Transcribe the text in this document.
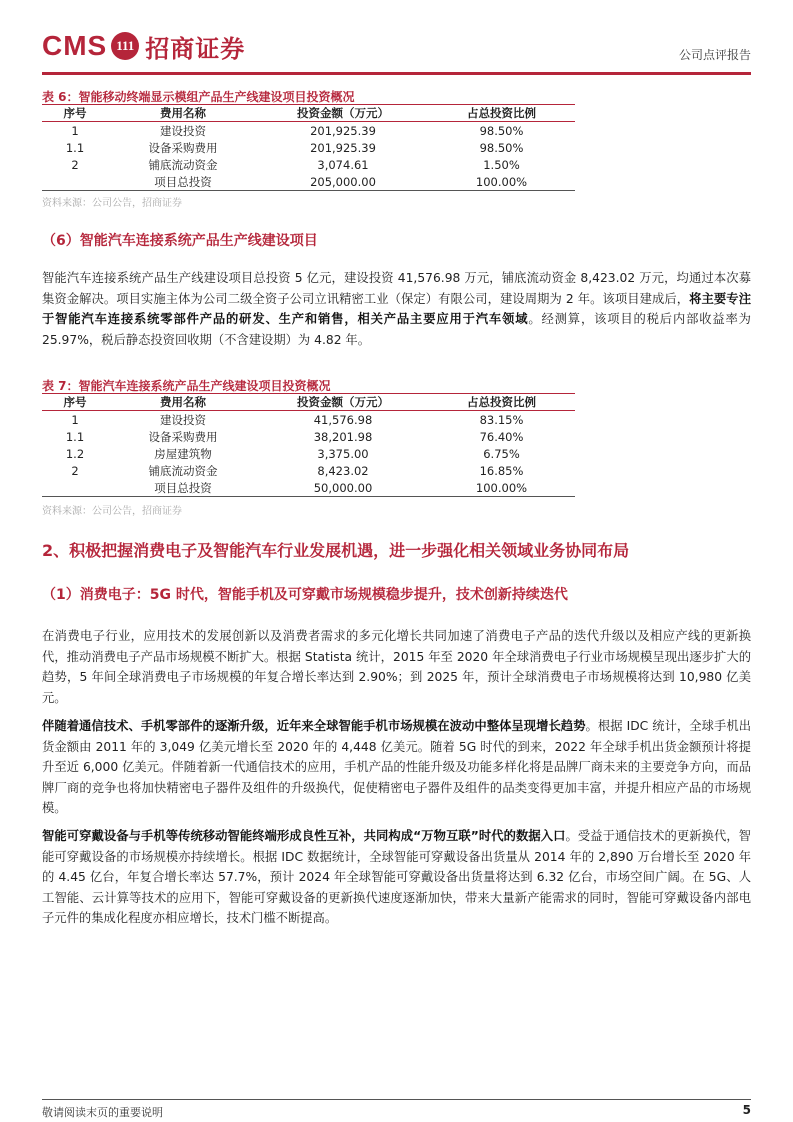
CMS 111 招商证券	公司点评报告
表 6：智能移动终端显示模组产品生产线建设项目投资概况
序号	费用名称	投资金额（万元）	占总投资比例
1	建设投资	201,925.39	98.50%
1.1	设备采购费用	201,925.39	98.50%
2	铺底流动资金	3,074.61	1.50%
	项目总投资	205,000.00	100.00%
资料来源：公司公告，招商证券
（6）智能汽车连接系统产品生产线建设项目
智能汽车连接系统产品生产线建设项目总投资 5 亿元，建设投资 41,576.98 万元，铺底流动资金 8,423.02 万元，均通过本次募集资金解决。项目实施主体为公司二级全资子公司立讯精密工业（保定）有限公司，建设周期为 2 年。该项目建成后，将主要专注于智能汽车连接系统零部件产品的研发、生产和销售，相关产品主要应用于汽车领域。经测算，该项目的税后内部收益率为 25.97%，税后静态投资回收期（不含建设期）为 4.82 年。
表 7：智能汽车连接系统产品生产线建设项目投资概况
序号	费用名称	投资金额（万元）	占总投资比例
1	建设投资	41,576.98	83.15%
1.1	设备采购费用	38,201.98	76.40%
1.2	房屋建筑物	3,375.00	6.75%
2	铺底流动资金	8,423.02	16.85%
	项目总投资	50,000.00	100.00%
资料来源：公司公告，招商证券
2、积极把握消费电子及智能汽车行业发展机遇，进一步强化相关领域业务协同布局
（1）消费电子：5G 时代，智能手机及可穿戴市场规模稳步提升，技术创新持续迭代
在消费电子行业，应用技术的发展创新以及消费者需求的多元化增长共同加速了消费电子产品的迭代升级以及相应产线的更新换代，推动消费电子产品市场规模不断扩大。根据 Statista 统计，2015 年至 2020 年全球消费电子行业市场规模呈现出逐步扩大的趋势，5 年间全球消费电子市场规模的年复合增长率达到 2.90%；到 2025 年，预计全球消费电子市场规模将达到 10,980 亿美元。
伴随着通信技术、手机零部件的逐渐升级，近年来全球智能手机市场规模在波动中整体呈现增长趋势。根据 IDC 统计，全球手机出货金额由 2011 年的 3,049 亿美元增长至 2020 年的 4,448 亿美元。随着 5G 时代的到来，2022 年全球手机出货金额预计将提升至近 6,000 亿美元。伴随着新一代通信技术的应用，手机产品的性能升级及功能多样化将是品牌厂商未来的主要竞争方向，而品牌厂商的竞争也将加快精密电子器件及组件的升级换代，促使精密电子器件及组件的品类变得更加丰富，并提升相应产品的市场规模。
智能可穿戴设备与手机等传统移动智能终端形成良性互补，共同构成“万物互联”时代的数据入口。受益于通信技术的更新换代，智能可穿戴设备的市场规模亦持续增长。根据 IDC 数据统计，全球智能可穿戴设备出货量从 2014 年的 2,890 万台增长至 2020 年的 4.45 亿台，年复合增长率达 57.7%，预计 2024 年全球智能可穿戴设备出货量将达到 6.32 亿台，市场空间广阔。在 5G、人工智能、云计算等技术的应用下，智能可穿戴设备的更新换代速度逐渐加快，带来大量新产能需求的同时，智能可穿戴设备内部电子元件的集成化程度亦相应增长，技术门槛不断提高。
敬请阅读末页的重要说明	5
